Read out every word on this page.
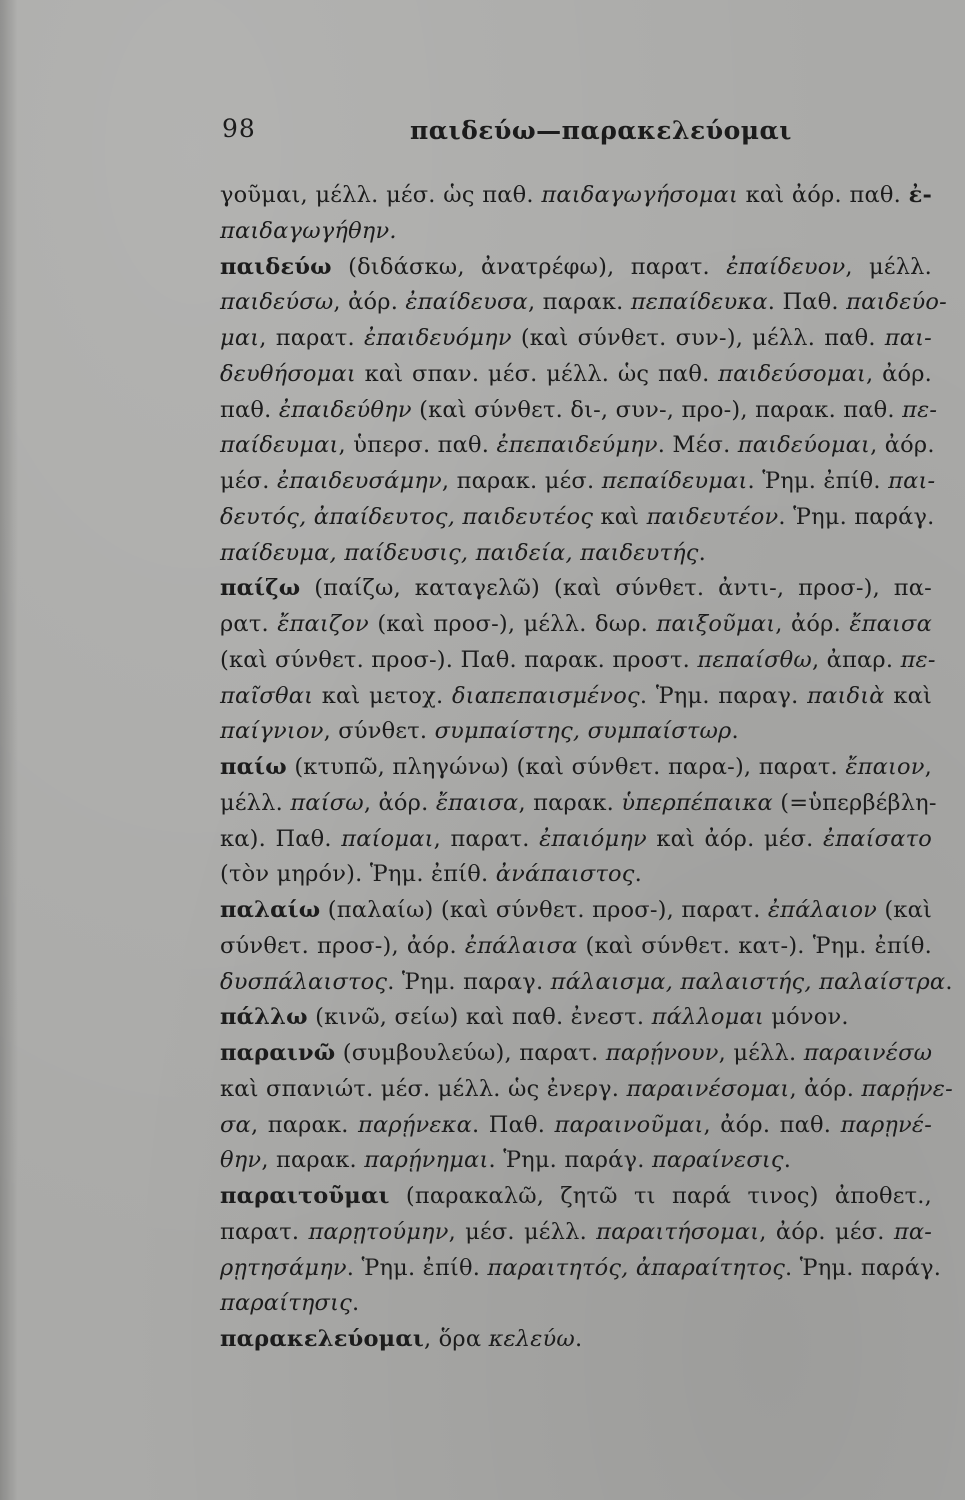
98	παιδεύω—παρακελεύομαι
γοῦμαι, μέλλ. μέσ. ὡς παθ. παιδαγωγήσομαι καὶ ἀόρ. παθ. ἐ-
παιδαγωγήθην.
παιδεύω (διδάσκω, ἀνατρέφω), παρατ. ἐπαίδευον, μέλλ.
παιδεύσω, ἀόρ. ἐπαίδευσα, παρακ. πεπαίδευκα. Παθ. παιδεύο-
μαι, παρατ. ἐπαιδευόμην (καὶ σύνθετ. συν-), μέλλ. παθ. παι-
δευθήσομαι καὶ σπαν. μέσ. μέλλ. ὡς παθ. παιδεύσομαι, ἀόρ.
παθ. ἐπαιδεύθην (καὶ σύνθετ. δι-, συν-, προ-), παρακ. παθ. πε-
παίδευμαι, ὑπερσ. παθ. ἐπεπαιδεύμην. Μέσ. παιδεύομαι, ἀόρ.
μέσ. ἐπαιδευσάμην, παρακ. μέσ. πεπαίδευμαι. Ῥημ. ἐπίθ. παι-
δευτός, ἀπαίδευτος, παιδευτέος καὶ παιδευτέον. Ῥημ. παράγ.
παίδευμα, παίδευσις, παιδεία, παιδευτής.
παίζω (παίζω, καταγελῶ) (καὶ σύνθετ. ἀντι-, προσ-), πα-
ρατ. ἔπαιζον (καὶ προσ-), μέλλ. δωρ. παιξοῦμαι, ἀόρ. ἔπαισα
(καὶ σύνθετ. προσ-). Παθ. παρακ. προστ. πεπαίσθω, ἀπαρ. πε-
παῖσθαι καὶ μετοχ. διαπεπαισμένος. Ῥημ. παραγ. παιδιὰ καὶ
παίγνιον, σύνθετ. συμπαίστης, συμπαίστωρ.
παίω (κτυπῶ, πληγώνω) (καὶ σύνθετ. παρα-), παρατ. ἔπαιον,
μέλλ. παίσω, ἀόρ. ἔπαισα, παρακ. ὑπερπέπαικα (=ὑπερβέβλη-
κα). Παθ. παίομαι, παρατ. ἐπαιόμην καὶ ἀόρ. μέσ. ἐπαίσατο
(τὸν μηρόν). Ῥημ. ἐπίθ. ἀνάπαιστος.
παλαίω (παλαίω) (καὶ σύνθετ. προσ-), παρατ. ἐπάλαιον (καὶ
σύνθετ. προσ-), ἀόρ. ἐπάλαισα (καὶ σύνθετ. κατ-). Ῥημ. ἐπίθ.
δυσπάλαιστος. Ῥημ. παραγ. πάλαισμα, παλαιστής, παλαίστρα.
πάλλω (κινῶ, σείω) καὶ παθ. ἐνεστ. πάλλομαι μόνον.
παραινῶ (συμβουλεύω), παρατ. παρῄνουν, μέλλ. παραινέσω
καὶ σπανιώτ. μέσ. μέλλ. ὡς ἐνεργ. παραινέσομαι, ἀόρ. παρῄνε-
σα, παρακ. παρῄνεκα. Παθ. παραινοῦμαι, ἀόρ. παθ. παρῃνέ-
θην, παρακ. παρῄνημαι. Ῥημ. παράγ. παραίνεσις.
παραιτοῦμαι (παρακαλῶ, ζητῶ τι παρά τινος) ἀποθετ.,
παρατ. παρῃτούμην, μέσ. μέλλ. παραιτήσομαι, ἀόρ. μέσ. πα-
ρῃτησάμην. Ῥημ. ἐπίθ. παραιτητός, ἀπαραίτητος. Ῥημ. παράγ.
παραίτησις.
παρακελεύομαι, ὅρα κελεύω.
